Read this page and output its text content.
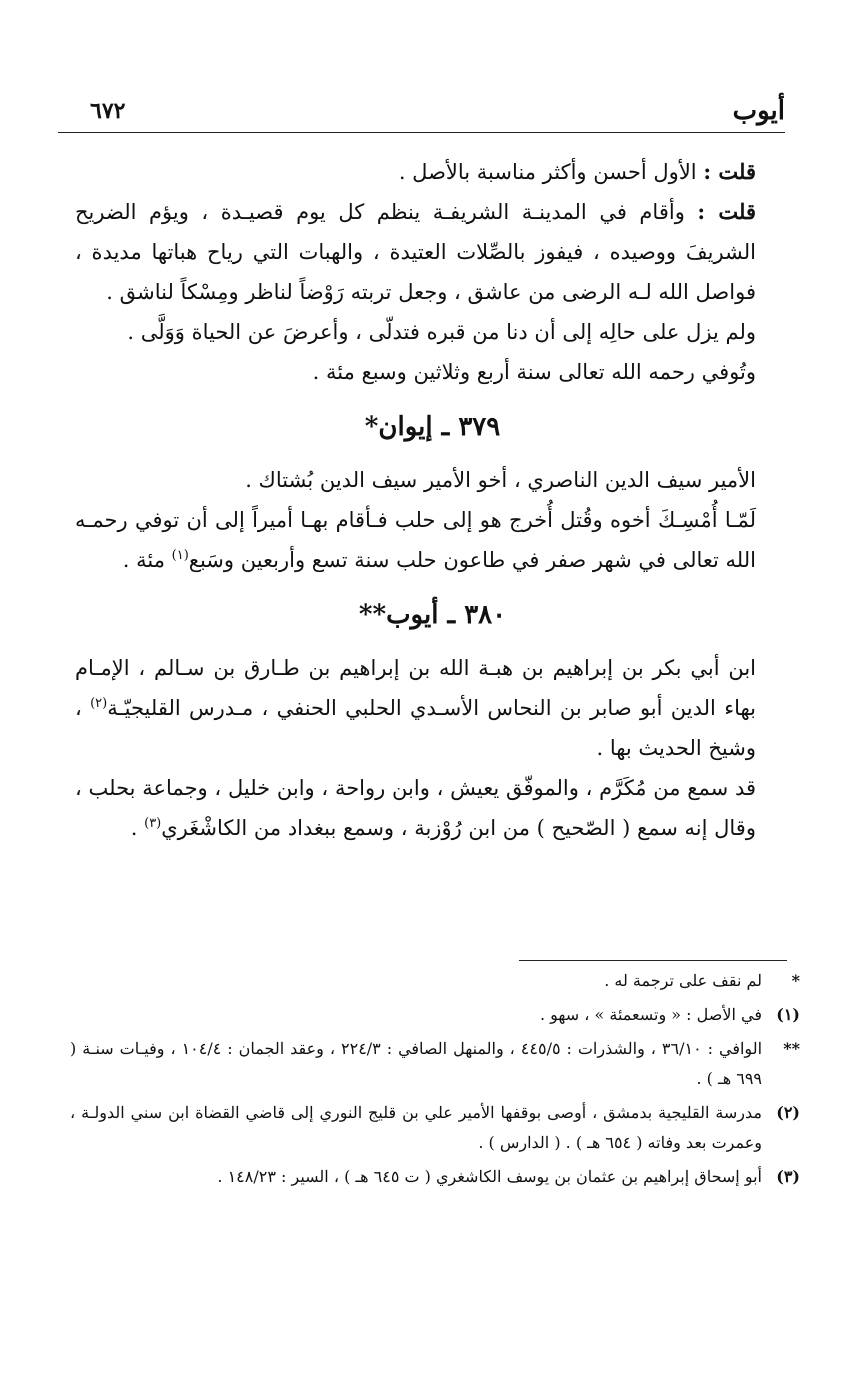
أيوب
٦٧٢

قلت : الأول أحسن وأكثر مناسبة بالأصل .

قلت : وأقام في المدينـة الشريفـة ينظم كل يوم قصيـدة ، ويؤم الضريح الشريفَ ووصيده ، فيفوز بالصِّلات العتيدة ، والهبات التي رياح هباتها مديدة ، فواصل الله لـه الرضى من عاشق ، وجعل تربته رَوْضاً لناظر ومِسْكاً لناشق .

ولم يزل على حالِه إلى أن دنا من قبره فتدلّى ، وأعرضَ عن الحياة وَوَلَّى .

وتُوفي رحمه الله تعالى سنة أربع وثلاثين وسبع مئة .

٣٧٩ ـ إيوان*

الأمير سيف الدين الناصري ، أخو الأمير سيف الدين بُشتاك .

لَمّـا أُمْسِـكَ أخوه وقُتل أُخرج هو إلى حلب فـأقام بهـا أميراً إلى أن توفي رحمـه الله تعالى في شهر صفر في طاعون حلب سنة تسع وأربعين وسَبع$^{(١)}$ مئة .

٣٨٠ ـ أيوب**

ابن أبي بكر بن إبراهيم بن هبـة الله بن إبراهيم بن طـارق بن سـالم ، الإمـام بهاء الدين أبو صابر بن النحاس الأسـدي الحلبي الحنفي ، مـدرس القليجيّـة$^{(٢)}$ ، وشيخ الحديث بها .

قد سمع من مُكَرَّم ، والموفّق يعيش ، وابن رواحة ، وابن خليل ، وجماعة بحلب ، وقال إنه سمع ( الصّحيح ) من ابن رُوْزبة ، وسمع ببغداد من الكاشْغَري$^{(٣)}$ .

*
لم نقف على ترجمة له .
(١)
في الأصل : « وتسعمئة » ، سهو .
**
الوافي : ٣٦/١٠ ، والشذرات : ٤٤٥/٥ ، والمنهل الصافي : ٢٢٤/٣ ، وعقد الجمان : ١٠٤/٤ ، وفيـات سنـة ( ٦٩٩ هـ ) .
(٢)
مدرسة القليجية بدمشق ، أوصى بوقفها الأمير علي بن قليج النوري إلى قاضي القضاة ابن سني الدولـة ، وعمرت بعد وفاته ( ٦٥٤ هـ ) . ( الدارس ) .
(٣)
أبو إسحاق إبراهيم بن عثمان بن يوسف الكاشغري ( ت ٦٤٥ هـ ) ، السير : ١٤٨/٢٣ .
